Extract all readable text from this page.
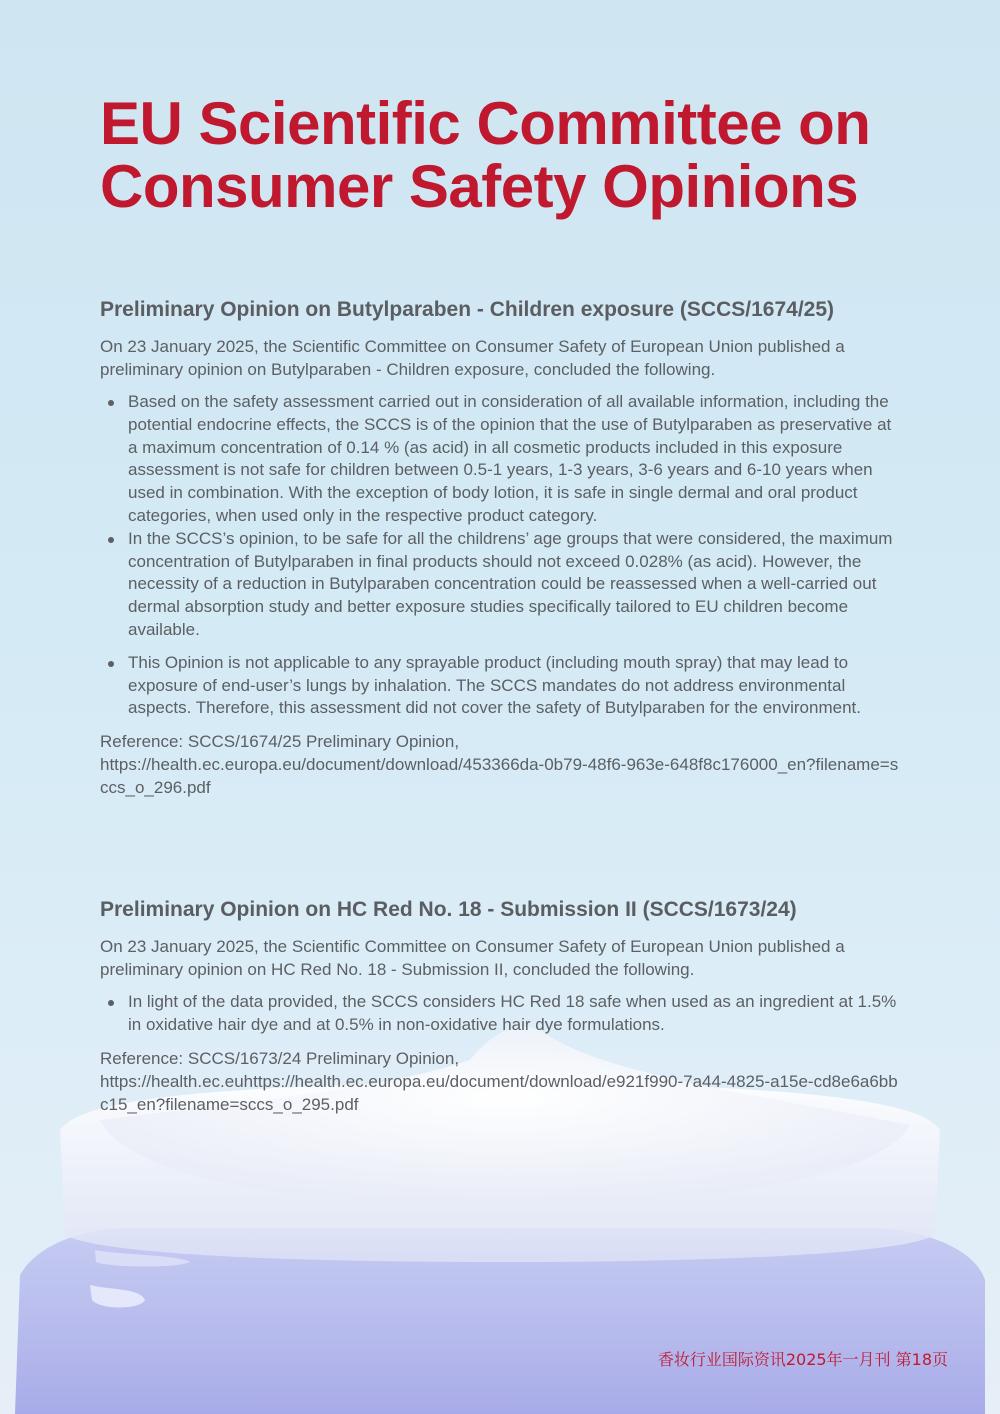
EU Scientific Committee on Consumer Safety Opinions
Preliminary Opinion on Butylparaben - Children exposure (SCCS/1674/25)

On 23 January 2025, the Scientific Committee on Consumer Safety of European Union published a preliminary opinion on Butylparaben - Children exposure, concluded the following.

Based on the safety assessment carried out in consideration of all available information, including the potential endocrine effects, the SCCS is of the opinion that the use of Butylparaben as preservative at a maximum concentration of 0.14 % (as acid) in all cosmetic products included in this exposure assessment is not safe for children between 0.5-1 years, 1-3 years, 3-6 years and 6-10 years when used in combination. With the exception of body lotion, it is safe in single dermal and oral product categories, when used only in the respective product category.
In the SCCS’s opinion, to be safe for all the childrens’ age groups that were considered, the maximum concentration of Butylparaben in final products should not exceed 0.028% (as acid). However, the necessity of a reduction in Butylparaben concentration could be reassessed when a well-carried out dermal absorption study and better exposure studies specifically tailored to EU children become available.
This Opinion is not applicable to any sprayable product (including mouth spray) that may lead to exposure of end-user’s lungs by inhalation. The SCCS mandates do not address environmental aspects. Therefore, this assessment did not cover the safety of Butylparaben for the environment.

Reference: SCCS/1674/25 Preliminary Opinion,

https://health.ec.europa.eu/document/download/453366da-0b79-48f6-963e-648f8c176000_en?filename=sccs_o_296.pdf

Preliminary Opinion on HC Red No. 18 - Submission II (SCCS/1673/24)

On 23 January 2025, the Scientific Committee on Consumer Safety of European Union published a preliminary opinion on HC Red No. 18 - Submission II, concluded the following.

In light of the data provided, the SCCS considers HC Red 18 safe when used as an ingredient at 1.5% in oxidative hair dye and at 0.5% in non-oxidative hair dye formulations.

Reference: SCCS/1673/24 Preliminary Opinion,

https://health.ec.euhttps://health.ec.europa.eu/document/download/e921f990-7a44-4825-a15e-cd8e6a6bbc15_en?filename=sccs_o_295.pdf

香妆行业国际资讯2025年一月刊 第18页
